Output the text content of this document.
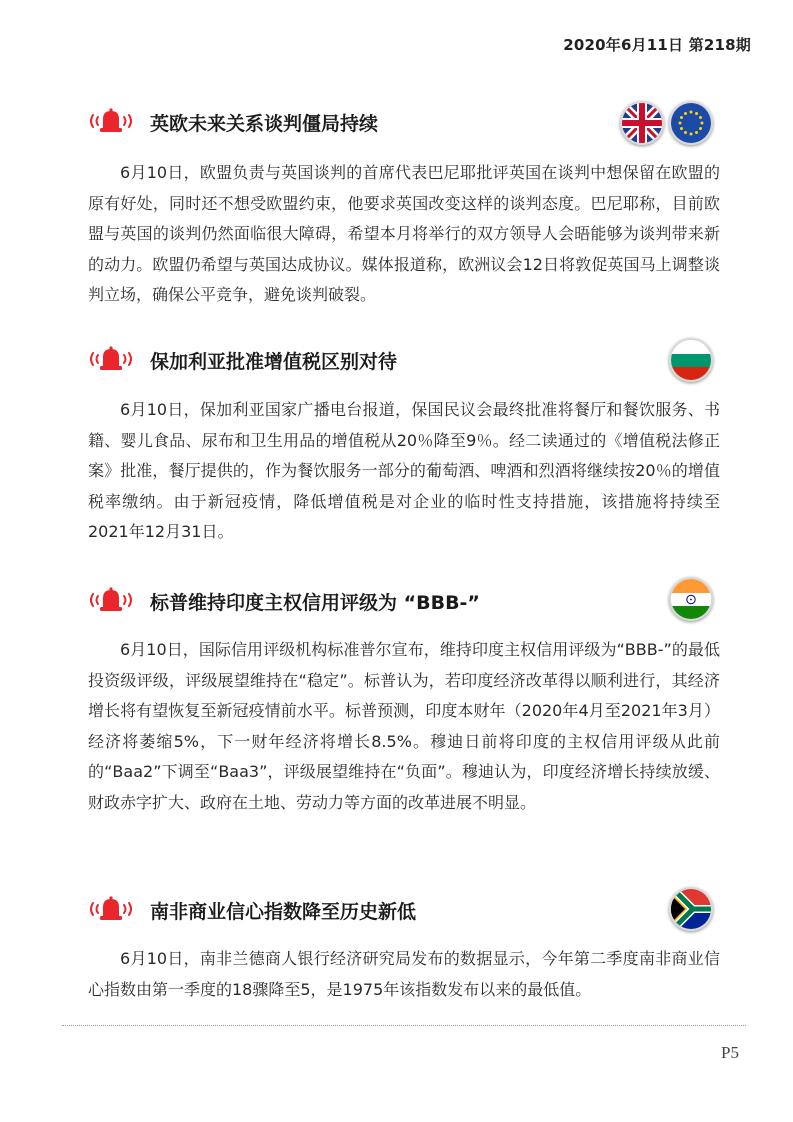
2020年6月11日 第218期
英欧未来关系谈判僵局持续

6月10日，欧盟负责与英国谈判的首席代表巴尼耶批评英国在谈判中想保留在欧盟的原有好处，同时还不想受欧盟约束，他要求英国改变这样的谈判态度。巴尼耶称，目前欧盟与英国的谈判仍然面临很大障碍，希望本月将举行的双方领导人会晤能够为谈判带来新的动力。欧盟仍希望与英国达成协议。媒体报道称，欧洲议会12日将敦促英国马上调整谈判立场，确保公平竞争，避免谈判破裂。

保加利亚批准增值税区别对待

6月10日，保加利亚国家广播电台报道，保国民议会最终批准将餐厅和餐饮服务、书籍、婴儿食品、尿布和卫生用品的增值税从20％降至9％。经二读通过的《增值税法修正案》批准，餐厅提供的，作为餐饮服务一部分的葡萄酒、啤酒和烈酒将继续按20％的增值税率缴纳。由于新冠疫情，降低增值税是对企业的临时性支持措施，该措施将持续至2021年12月31日。

标普维持印度主权信用评级为 “BBB-”

6月10日，国际信用评级机构标准普尔宣布，维持印度主权信用评级为“BBB-”的最低投资级评级，评级展望维持在“稳定”。标普认为，若印度经济改革得以顺利进行，其经济增长将有望恢复至新冠疫情前水平。标普预测，印度本财年（2020年4月至2021年3月）经济将萎缩5%，下一财年经济将增长8.5%。穆迪日前将印度的主权信用评级从此前的“Baa2”下调至“Baa3”，评级展望维持在“负面”。穆迪认为，印度经济增长持续放缓、财政赤字扩大、政府在土地、劳动力等方面的改革进展不明显。

南非商业信心指数降至历史新低

6月10日，南非兰德商人银行经济研究局发布的数据显示，今年第二季度南非商业信心指数由第一季度的18骤降至5，是1975年该指数发布以来的最低值。

P5
